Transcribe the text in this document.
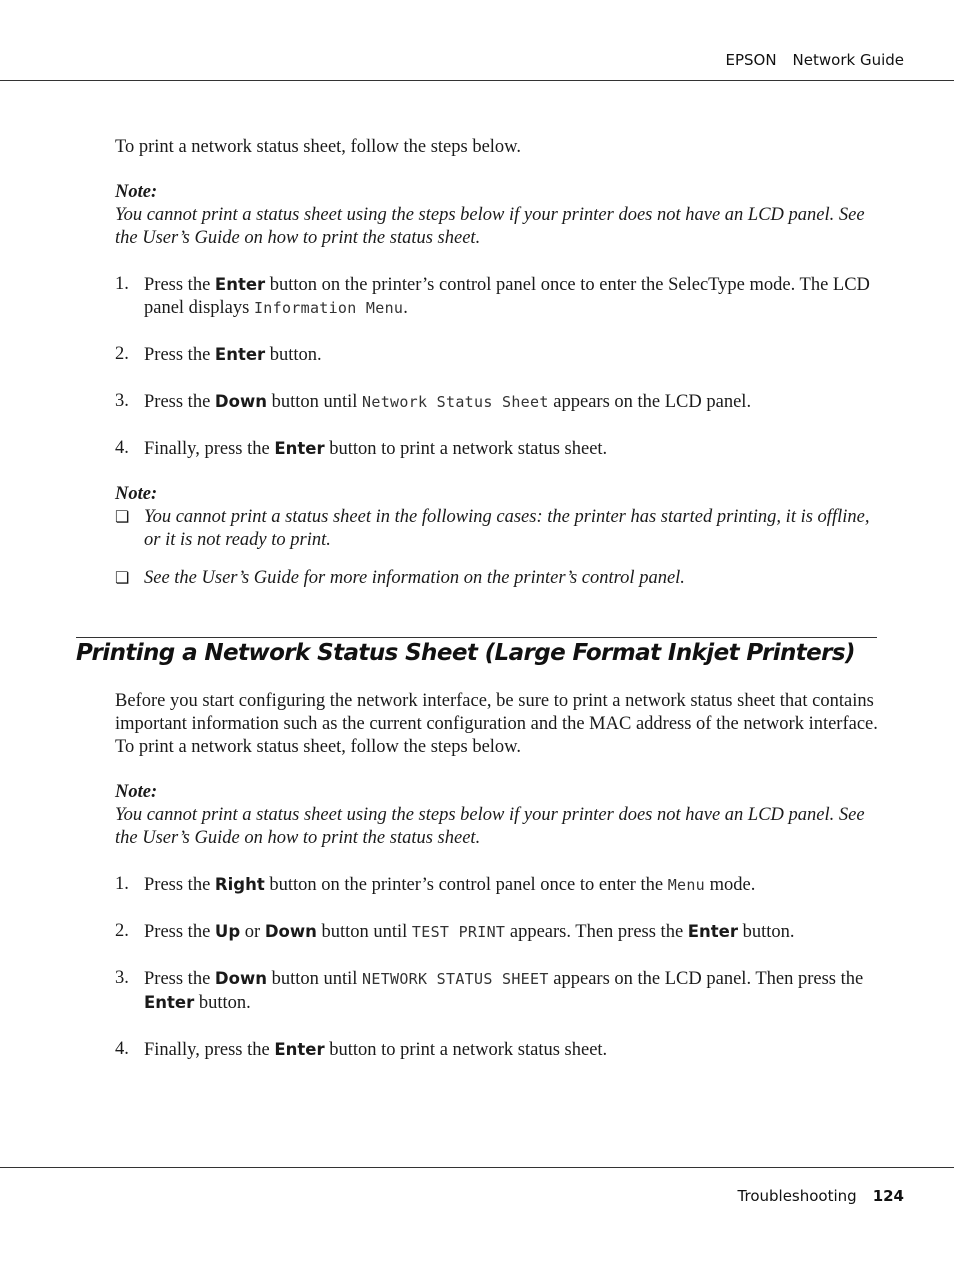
EPSON Network Guide

To print a network status sheet, follow the steps below.

Note:

You cannot print a status sheet using the steps below if your printer does not have an LCD panel. See the User’s Guide on how to print the status sheet.

1. Press the Enter button on the printer’s control panel once to enter the SelecType mode. The LCD panel displays Information Menu.
2. Press the Enter button.
3. Press the Down button until Network Status Sheet appears on the LCD panel.
4. Finally, press the Enter button to print a network status sheet.

Note:

❏ You cannot print a status sheet in the following cases: the printer has started printing, it is offline, or it is not ready to print.
❏ See the User’s Guide for more information on the printer’s control panel.
Printing a Network Status Sheet (Large Format Inkjet Printers)

Before you start configuring the network interface, be sure to print a network status sheet that contains important information such as the current configuration and the MAC address of the network interface.

To print a network status sheet, follow the steps below.

Note:

You cannot print a status sheet using the steps below if your printer does not have an LCD panel. See the User’s Guide on how to print the status sheet.

1. Press the Right button on the printer’s control panel once to enter the Menu mode.
2. Press the Up or Down button until TEST PRINT appears. Then press the Enter button.
3. Press the Down button until NETWORK STATUS SHEET appears on the LCD panel. Then press the Enter button.
4. Finally, press the Enter button to print a network status sheet.
Troubleshooting 124
